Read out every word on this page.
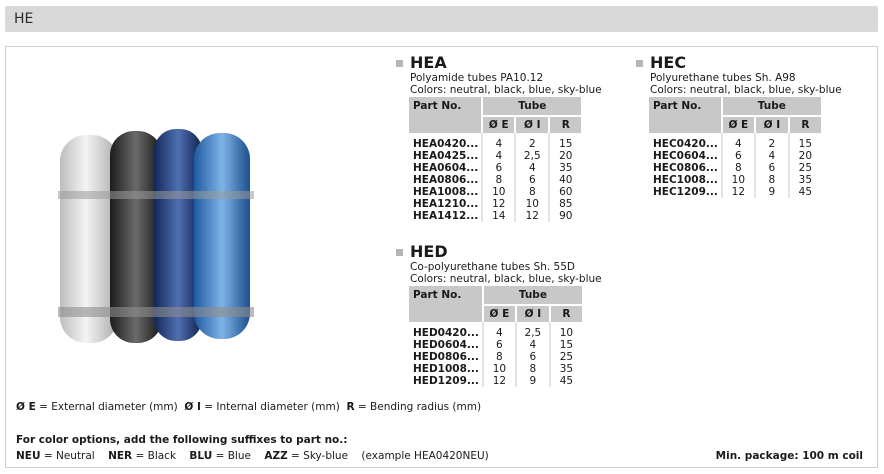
HE
HEA
Polyamide tubes PA10.12
Colors: neutral, black, blue, sky-blue
Part No.	Tube		
	Ø E	Ø I	R

HEA0420...	4	2	15
HEA0425...	4	2,5	20
HEA0604...	6	4	35
HEA0806...	8	6	40
HEA1008...	10	8	60
HEA1210...	12	10	85
HEA1412...	14	12	90
HEC
Polyurethane tubes Sh. A98
Colors: neutral, black, blue, sky-blue
Part No.	Tube		
	Ø E	Ø I	R

HEC0420...	4	2	15
HEC0604...	6	4	20
HEC0806...	8	6	25
HEC1008...	10	8	35
HEC1209...	12	9	45
HED
Co-polyurethane tubes Sh. 55D
Colors: neutral, black, blue, sky-blue
Part No.	Tube		
	Ø E	Ø I	R

HED0420...	4	2,5	10
HED0604...	6	4	15
HED0806...	8	6	25
HED1008...	10	8	35
HED1209...	12	9	45
Ø E = External diameter (mm) Ø I = Internal diameter (mm) R = Bending radius (mm)
For color options, add the following suffixes to part no.:
NEU = Neutral NER = Black BLU = Blue AZZ = Sky-blue (example HEA0420NEU)	Min. package: 100 m coil
